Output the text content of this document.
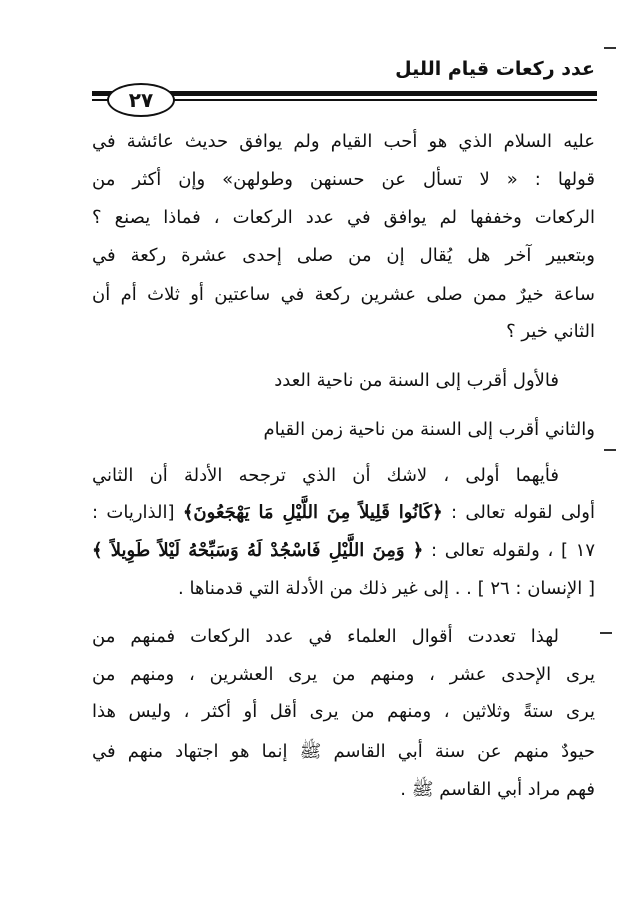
عدد ركعات قيام الليل
٢٧
عليه السلام الذي هو أحب القيام ولم يوافق حديث عائشة في
قولها : « لا تسأل عن حسنهن وطولهن» وإن أكثر من
الركعات وخففها لم يوافق في عدد الركعات ، فماذا يصنع ؟
وبتعبير آخر هل يُقال إن من صلى إحدى عشرة ركعة في
ساعة خيرٌ ممن صلى عشرين ركعة في ساعتين أو ثلاث أم أن
الثاني خير ؟
فالأول أقرب إلى السنة من ناحية العدد
والثاني أقرب إلى السنة من ناحية زمن القيام
فأيهما أولى ، لاشك أن الذي ترجحه الأدلة أن الثاني
أولى لقوله تعالى : ﴿كَانُوا قَلِيلاً مِنَ اللَّيْلِ مَا يَهْجَعُونَ﴾ [الذاريات :
١٧ ] ، ولقوله تعالى : ﴿ وَمِنَ اللَّيْلِ فَاسْجُدْ لَهُ وَسَبِّحْهُ لَيْلاً طَوِيلاً ﴾
[ الإنسان : ٢٦ ] . . إلى غير ذلك من الأدلة التي قدمناها .
لهذا تعددت أقوال العلماء في عدد الركعات فمنهم من
يرى الإحدى عشر ، ومنهم من يرى العشرين ، ومنهم من
يرى ستةً وثلاثين ، ومنهم من يرى أقل أو أكثر ، وليس هذا
حيودٌ منهم عن سنة أبي القاسم ﷺ إنما هو اجتهاد منهم في
فهم مراد أبي القاسم ﷺ .
